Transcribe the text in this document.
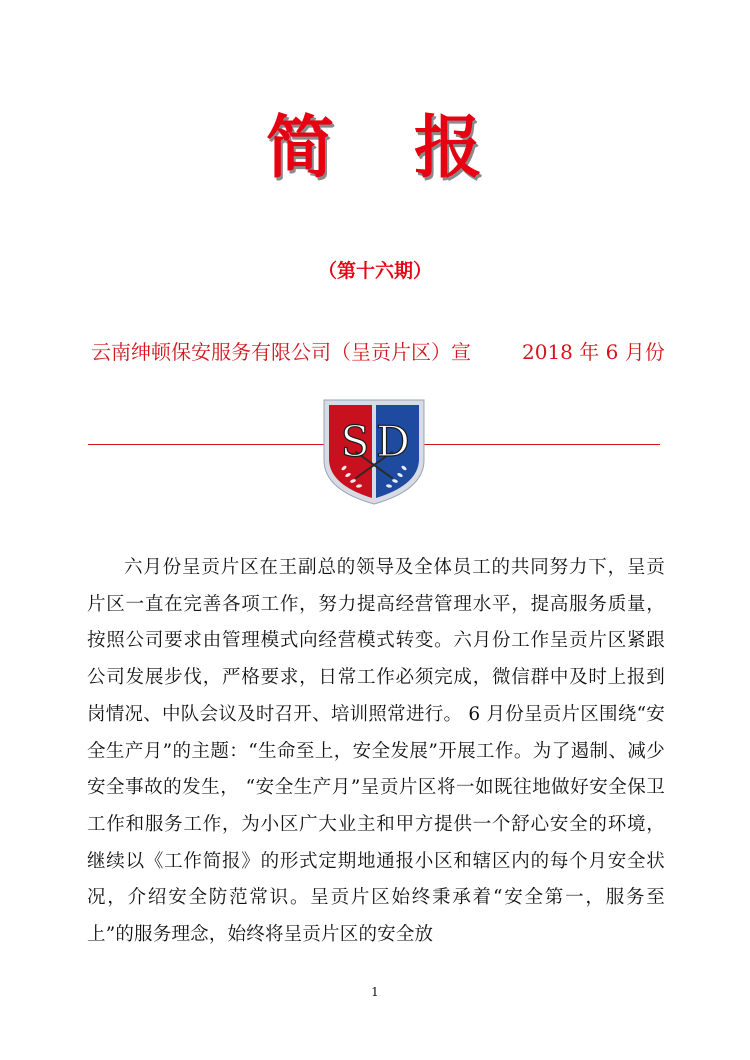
简 报
（第十六期）
云南绅顿保安服务有限公司（呈贡片区）宣	2018 年 6 月份
S D

六月份呈贡片区在王副总的领导及全体员工的共同努力下，呈贡片区一直在完善各项工作，努力提高经营管理水平，提高服务质量，按照公司要求由管理模式向经营模式转变。六月份工作呈贡片区紧跟公司发展步伐，严格要求，日常工作必须完成，微信群中及时上报到岗情况、中队会议及时召开、培训照常进行。 6 月份呈贡片区围绕“安全生产月”的主题：“生命至上，安全发展”开展工作。为了遏制、减少安全事故的发生， “安全生产月”呈贡片区将一如既往地做好安全保卫工作和服务工作，为小区广大业主和甲方提供一个舒心安全的环境，继续以《工作简报》的形式定期地通报小区和辖区内的每个月安全状况，介绍安全防范常识。呈贡片区始终秉承着“安全第一，服务至上”的服务理念，始终将呈贡片区的安全放

1
